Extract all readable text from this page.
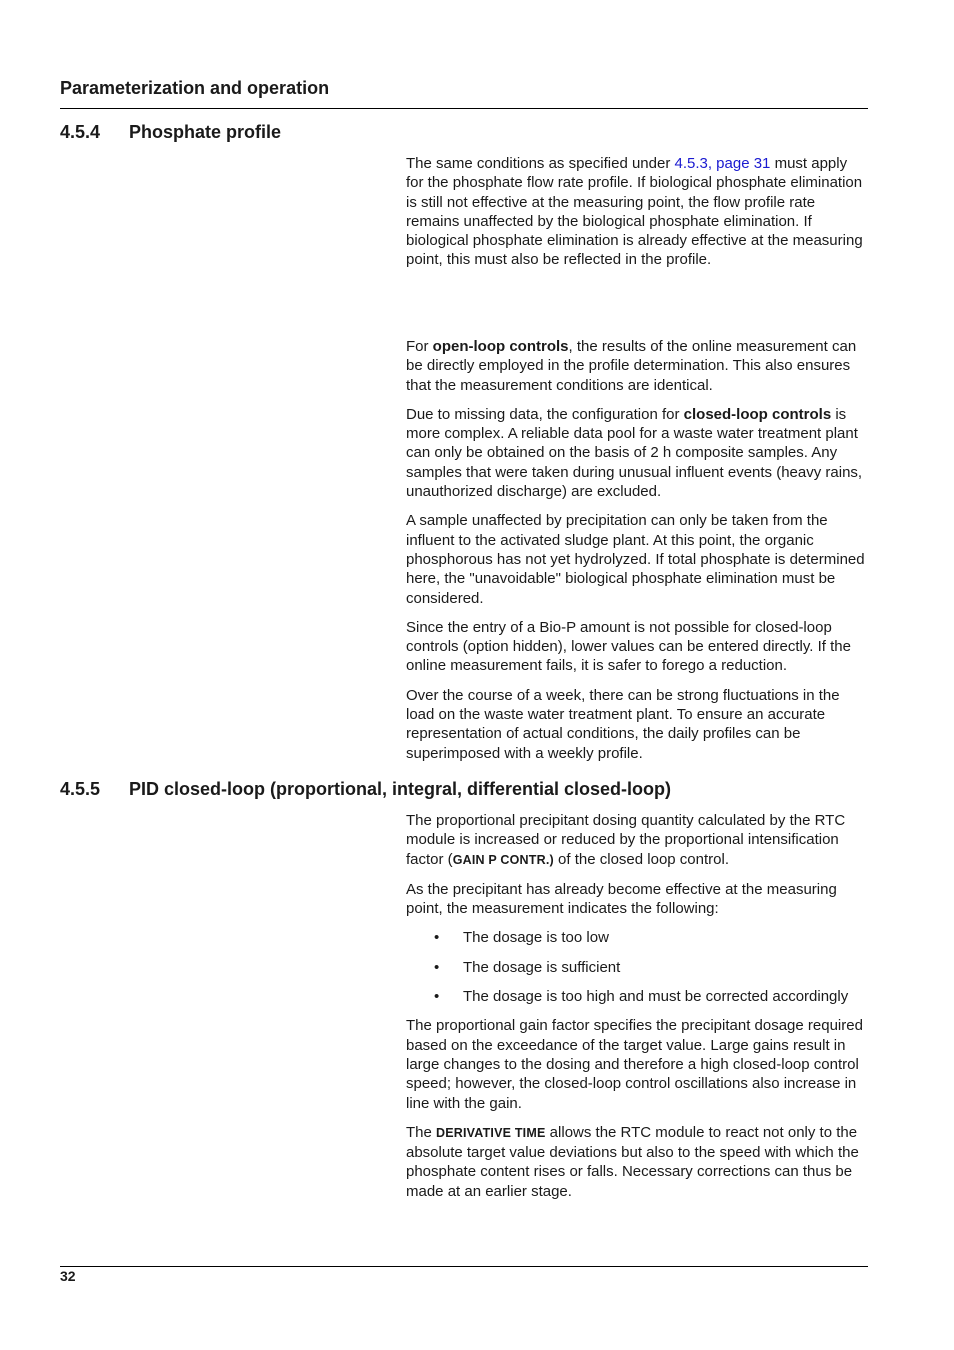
Parameterization and operation
4.5.4 Phosphate profile

The same conditions as specified under 4.5.3, page 31 must apply for the phosphate flow rate profile. If biological phosphate elimination is still not effective at the measuring point, the flow profile rate remains unaffected by the biological phosphate elimination. If biological phosphate elimination is already effective at the measuring point, this must also be reflected in the profile.

For open-loop controls, the results of the online measurement can be directly employed in the profile determination. This also ensures that the measurement conditions are identical.

Due to missing data, the configuration for closed-loop controls is more complex. A reliable data pool for a waste water treatment plant can only be obtained on the basis of 2 h composite samples. Any samples that were taken during unusual influent events (heavy rains, unauthorized discharge) are excluded.

A sample unaffected by precipitation can only be taken from the influent to the activated sludge plant. At this point, the organic phosphorous has not yet hydrolyzed. If total phosphate is determined here, the "unavoidable" biological phosphate elimination must be considered.

Since the entry of a Bio-P amount is not possible for closed-loop controls (option hidden), lower values can be entered directly. If the online measurement fails, it is safer to forego a reduction.

Over the course of a week, there can be strong fluctuations in the load on the waste water treatment plant. To ensure an accurate representation of actual conditions, the daily profiles can be superimposed with a weekly profile.

4.5.5 PID closed-loop (proportional, integral, differential closed-loop)

The proportional precipitant dosing quantity calculated by the RTC module is increased or reduced by the proportional intensification factor (GAIN P CONTR.) of the closed loop control.

As the precipitant has already become effective at the measuring point, the measurement indicates the following:

• The dosage is too low
• The dosage is sufficient
• The dosage is too high and must be corrected accordingly

The proportional gain factor specifies the precipitant dosage required based on the exceedance of the target value. Large gains result in large changes to the dosing and therefore a high closed-loop control speed; however, the closed-loop control oscillations also increase in line with the gain.

The DERIVATIVE TIME allows the RTC module to react not only to the absolute target value deviations but also to the speed with which the phosphate content rises or falls. Necessary corrections can thus be made at an earlier stage.

32
